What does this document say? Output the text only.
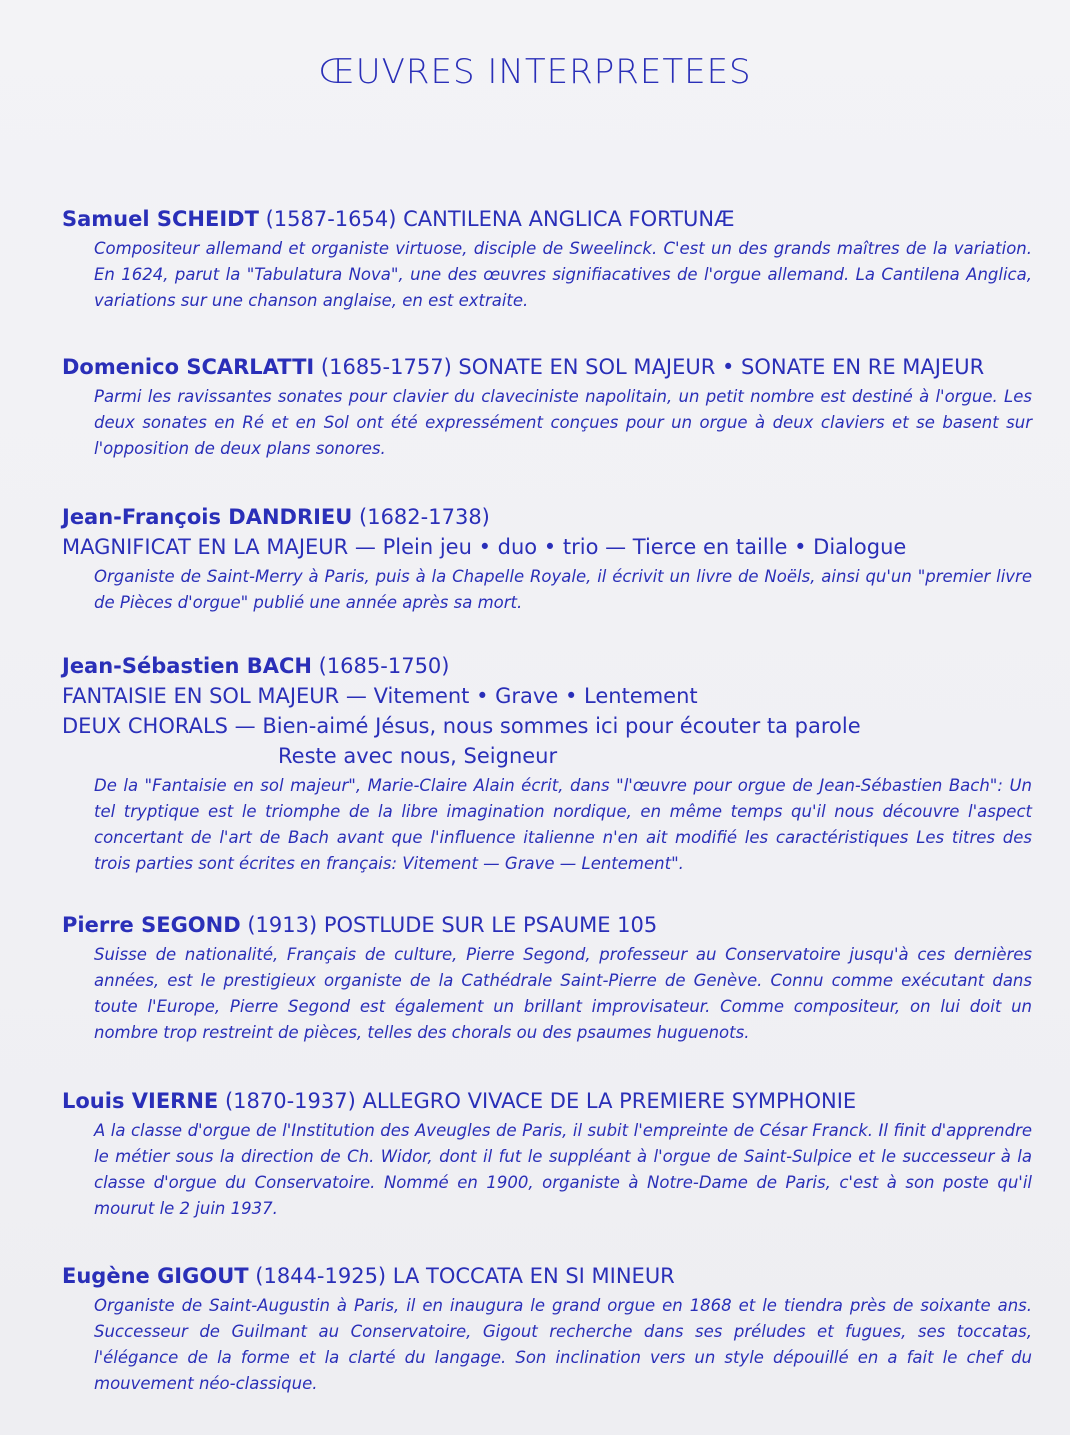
ŒUVRES INTERPRETEES
Samuel SCHEIDT (1587-1654) CANTILENA ANGLICA FORTUNÆ
Compositeur allemand et organiste virtuose, disciple de Sweelinck. C'est un des grands maîtres de la variation. En 1624, parut la "Tabulatura Nova", une des œuvres signifiacatives de l'orgue allemand. La Cantilena Anglica, variations sur une chanson anglaise, en est extraite.
Domenico SCARLATTI (1685-1757) SONATE EN SOL MAJEUR • SONATE EN RE MAJEUR
Parmi les ravissantes sonates pour clavier du claveciniste napolitain, un petit nombre est destiné à l'orgue. Les deux sonates en Ré et en Sol ont été expressément conçues pour un orgue à deux claviers et se basent sur l'opposition de deux plans sonores.
Jean-François DANDRIEU (1682-1738)
MAGNIFICAT EN LA MAJEUR — Plein jeu • duo • trio — Tierce en taille • Dialogue
Organiste de Saint-Merry à Paris, puis à la Chapelle Royale, il écrivit un livre de Noëls, ainsi qu'un "premier livre de Pièces d'orgue" publié une année après sa mort.
Jean-Sébastien BACH (1685-1750)
FANTAISIE EN SOL MAJEUR — Vitement • Grave • Lentement
DEUX CHORALS — Bien-aimé Jésus, nous sommes ici pour écouter ta parole
Reste avec nous, Seigneur
De la "Fantaisie en sol majeur", Marie-Claire Alain écrit, dans "l'œuvre pour orgue de Jean-Sébastien Bach": Un tel tryptique est le triomphe de la libre imagination nordique, en même temps qu'il nous découvre l'aspect concertant de l'art de Bach avant que l'influence italienne n'en ait modifié les caractéristiques Les titres des trois parties sont écrites en français: Vitement — Grave — Lentement".
Pierre SEGOND (1913) POSTLUDE SUR LE PSAUME 105
Suisse de nationalité, Français de culture, Pierre Segond, professeur au Conservatoire jusqu'à ces dernières années, est le prestigieux organiste de la Cathédrale Saint-Pierre de Genève. Connu comme exécutant dans toute l'Europe, Pierre Segond est également un brillant improvisateur. Comme compositeur, on lui doit un nombre trop restreint de pièces, telles des chorals ou des psaumes huguenots.
Louis VIERNE (1870-1937) ALLEGRO VIVACE DE LA PREMIERE SYMPHONIE
A la classe d'orgue de l'Institution des Aveugles de Paris, il subit l'empreinte de César Franck. Il finit d'apprendre le métier sous la direction de Ch. Widor, dont il fut le suppléant à l'orgue de Saint-Sulpice et le successeur à la classe d'orgue du Conservatoire. Nommé en 1900, organiste à Notre-Dame de Paris, c'est à son poste qu'il mourut le 2 juin 1937.
Eugène GIGOUT (1844-1925) LA TOCCATA EN SI MINEUR
Organiste de Saint-Augustin à Paris, il en inaugura le grand orgue en 1868 et le tiendra près de soixante ans. Successeur de Guilmant au Conservatoire, Gigout recherche dans ses préludes et fugues, ses toccatas, l'élégance de la forme et la clarté du langage. Son inclination vers un style dépouillé en a fait le chef du mouvement néo-classique.
